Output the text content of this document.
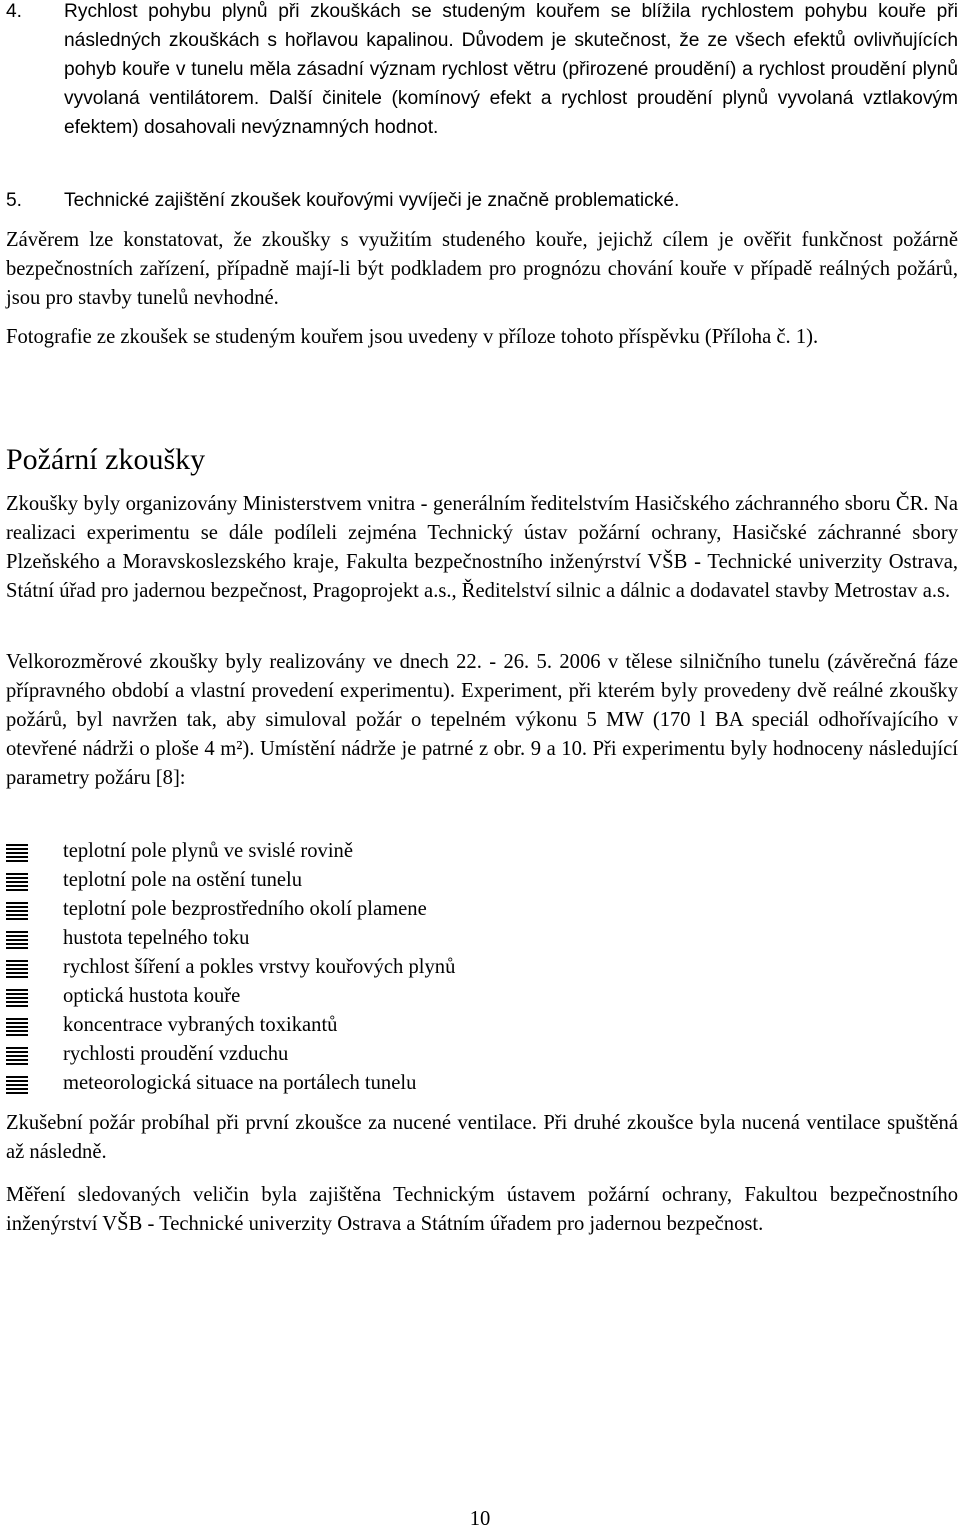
4.	Rychlost pohybu plynů při zkouškách se studeným kouřem se blížila rychlostem pohybu kouře při následných zkouškách s hořlavou kapalinou. Důvodem je skutečnost, že ze všech efektů ovlivňujících pohyb kouře v tunelu měla zásadní význam rychlost větru (přirozené proudění) a rychlost proudění plynů vyvolaná ventilátorem. Další činitele (komínový efekt a rychlost proudění plynů vyvolaná vztlakovým efektem) dosahovali nevýznamných hodnot.

5.	Technické zajištění zkoušek kouřovými vyvíječi je značně problematické.

Závěrem lze konstatovat, že zkoušky s využitím studeného kouře, jejichž cílem je ověřit funkčnost požárně bezpečnostních zařízení, případně mají-li být podkladem pro prognózu chování kouře v případě reálných požárů, jsou pro stavby tunelů nevhodné.

Fotografie ze zkoušek se studeným kouřem jsou uvedeny v příloze tohoto příspěvku (Příloha č. 1).

Požární zkoušky

Zkoušky byly organizovány Ministerstvem vnitra - generálním ředitelstvím Hasičského záchranného sboru ČR. Na realizaci experimentu se dále podíleli zejména Technický ústav požární ochrany, Hasičské záchranné sbory Plzeňského a Moravskoslezského kraje, Fakulta bezpečnostního inženýrství VŠB - Technické univerzity Ostrava, Státní úřad pro jadernou bezpečnost, Pragoprojekt a.s., Ředitelství silnic a dálnic a dodavatel stavby Metrostav a.s.

Velkorozměrové zkoušky byly realizovány ve dnech 22. - 26. 5. 2006 v tělese silničního tunelu (závěrečná fáze přípravného období a vlastní provedení experimentu). Experiment, při kterém byly provedeny dvě reálné zkoušky požárů, byl navržen tak, aby simuloval požár o tepelném výkonu 5 MW (170 l BA speciál odhořívajícího v otevřené nádrži o ploše 4 m²). Umístění nádrže je patrné z obr. 9 a 10. Při experimentu byly hodnoceny následující parametry požáru [8]:

teplotní pole plynů ve svislé rovině
teplotní pole na ostění tunelu
teplotní pole bezprostředního okolí plamene
hustota tepelného toku
rychlost šíření a pokles vrstvy kouřových plynů
optická hustota kouře
koncentrace vybraných toxikantů
rychlosti proudění vzduchu
meteorologická situace na portálech tunelu

Zkušební požár probíhal při první zkoušce za nucené ventilace. Při druhé zkoušce byla nucená ventilace spuštěná až následně.

Měření sledovaných veličin byla zajištěna Technickým ústavem požární ochrany, Fakultou bezpečnostního inženýrství VŠB - Technické univerzity Ostrava a Státním úřadem pro jadernou bezpečnost.

10
